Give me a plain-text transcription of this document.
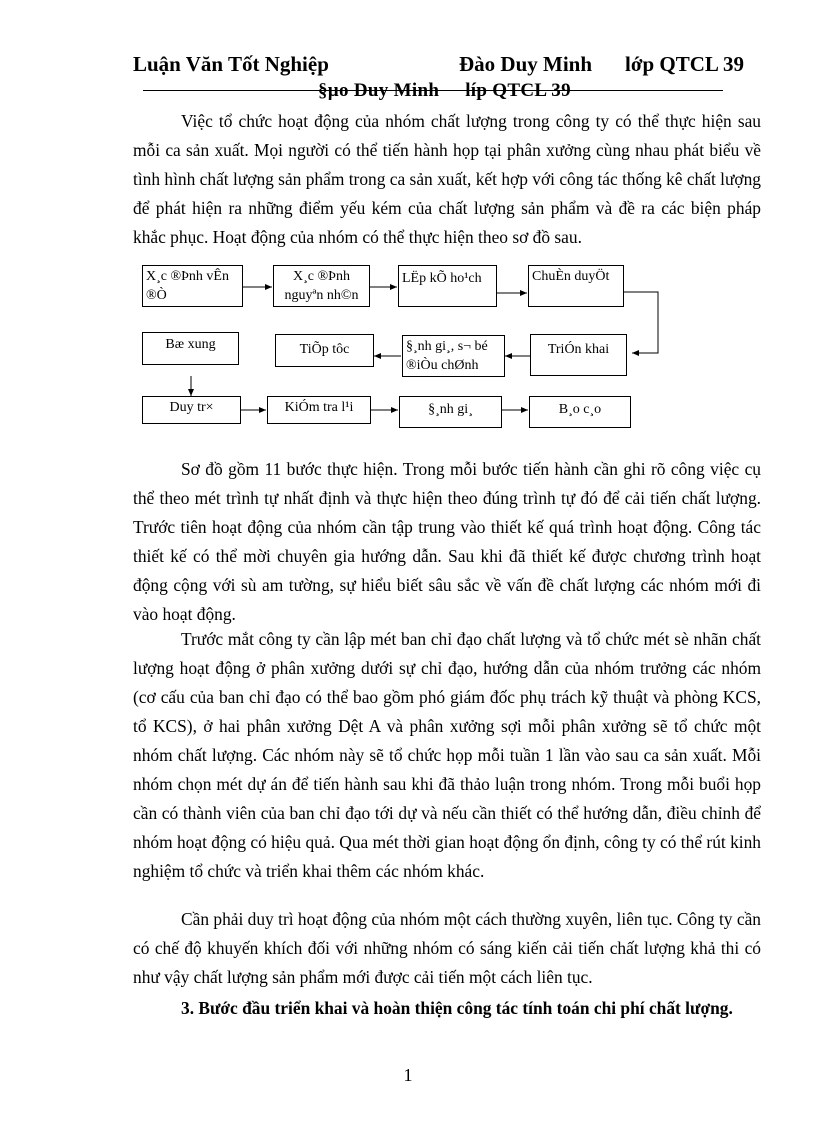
Luận Văn Tốt Nghiệp	Đào Duy Minh lớp QTCL 39
§µo Duy Minh líp QTCL 39

Việc tổ chức hoạt động của nhóm chất lượng trong công ty có thể thực hiện sau mỗi ca sản xuất. Mọi người có thể tiến hành họp tại phân xưởng cùng nhau phát biểu về tình hình chất lượng sản phẩm trong ca sản xuất, kết hợp với công tác thống kê chất lượng để phát hiện ra những điểm yếu kém của chất lượng sản phẩm và đề ra các biện pháp khắc phục. Hoạt động của nhóm có thể thực hiện theo sơ đồ sau.

X¸c ®Þnh vÊn ®Ò
X¸c ®Þnh nguyªn nh©n
LËp kÕ ho¹ch	ChuÈn duyÖt
Bæ xung	TiÕp tôc	§¸nh gi¸, s¬ bé ®iÒu chØnh
TriÓn khai
Duy tr×	KiÓm tra l¹i	§¸nh gi¸	B¸o c¸o

Sơ đồ gồm 11 bước thực hiện. Trong mỗi bước tiến hành cần ghi rõ công việc cụ thể theo mét trình tự nhất định và thực hiện theo đúng trình tự đó để cải tiến chất lượng. Trước tiên hoạt động của nhóm cần tập trung vào thiết kế quá trình hoạt động. Công tác thiết kế có thể mời chuyên gia hướng dẫn. Sau khi đã thiết kế được chương trình hoạt động cộng với sù am tường, sự hiểu biết sâu sắc về vấn đề chất lượng các nhóm mới đi vào hoạt động.

Trước mắt công ty cần lập mét ban chỉ đạo chất lượng và tổ chức mét sè nhãn chất lượng hoạt động ở phân xưởng dưới sự chỉ đạo, hướng dẫn của nhóm trưởng các nhóm (cơ cấu của ban chỉ đạo có thể bao gồm phó giám đốc phụ trách kỹ thuật và phòng KCS, tổ KCS), ở hai phân xưởng Dệt A và phân xưởng sợi mỗi phân xưởng sẽ tổ chức một nhóm chất lượng. Các nhóm này sẽ tổ chức họp mỗi tuần 1 lần vào sau ca sản xuất. Mỗi nhóm chọn mét dự án để tiến hành sau khi đã thảo luận trong nhóm. Trong mỗi buổi họp cần có thành viên của ban chỉ đạo tới dự và nếu cần thiết có thể hướng dẫn, điều chỉnh để nhóm hoạt động có hiệu quả. Qua mét thời gian hoạt động ổn định, công ty có thể rút kinh nghiệm tổ chức và triển khai thêm các nhóm khác.

Cần phải duy trì hoạt động của nhóm một cách thường xuyên, liên tục. Công ty cần có chế độ khuyến khích đối với những nhóm có sáng kiến cải tiến chất lượng khả thi có như vậy chất lượng sản phẩm mới được cải tiến một cách liên tục.

3. Bước đầu triển khai và hoàn thiện công tác tính toán chi phí chất lượng.

1
